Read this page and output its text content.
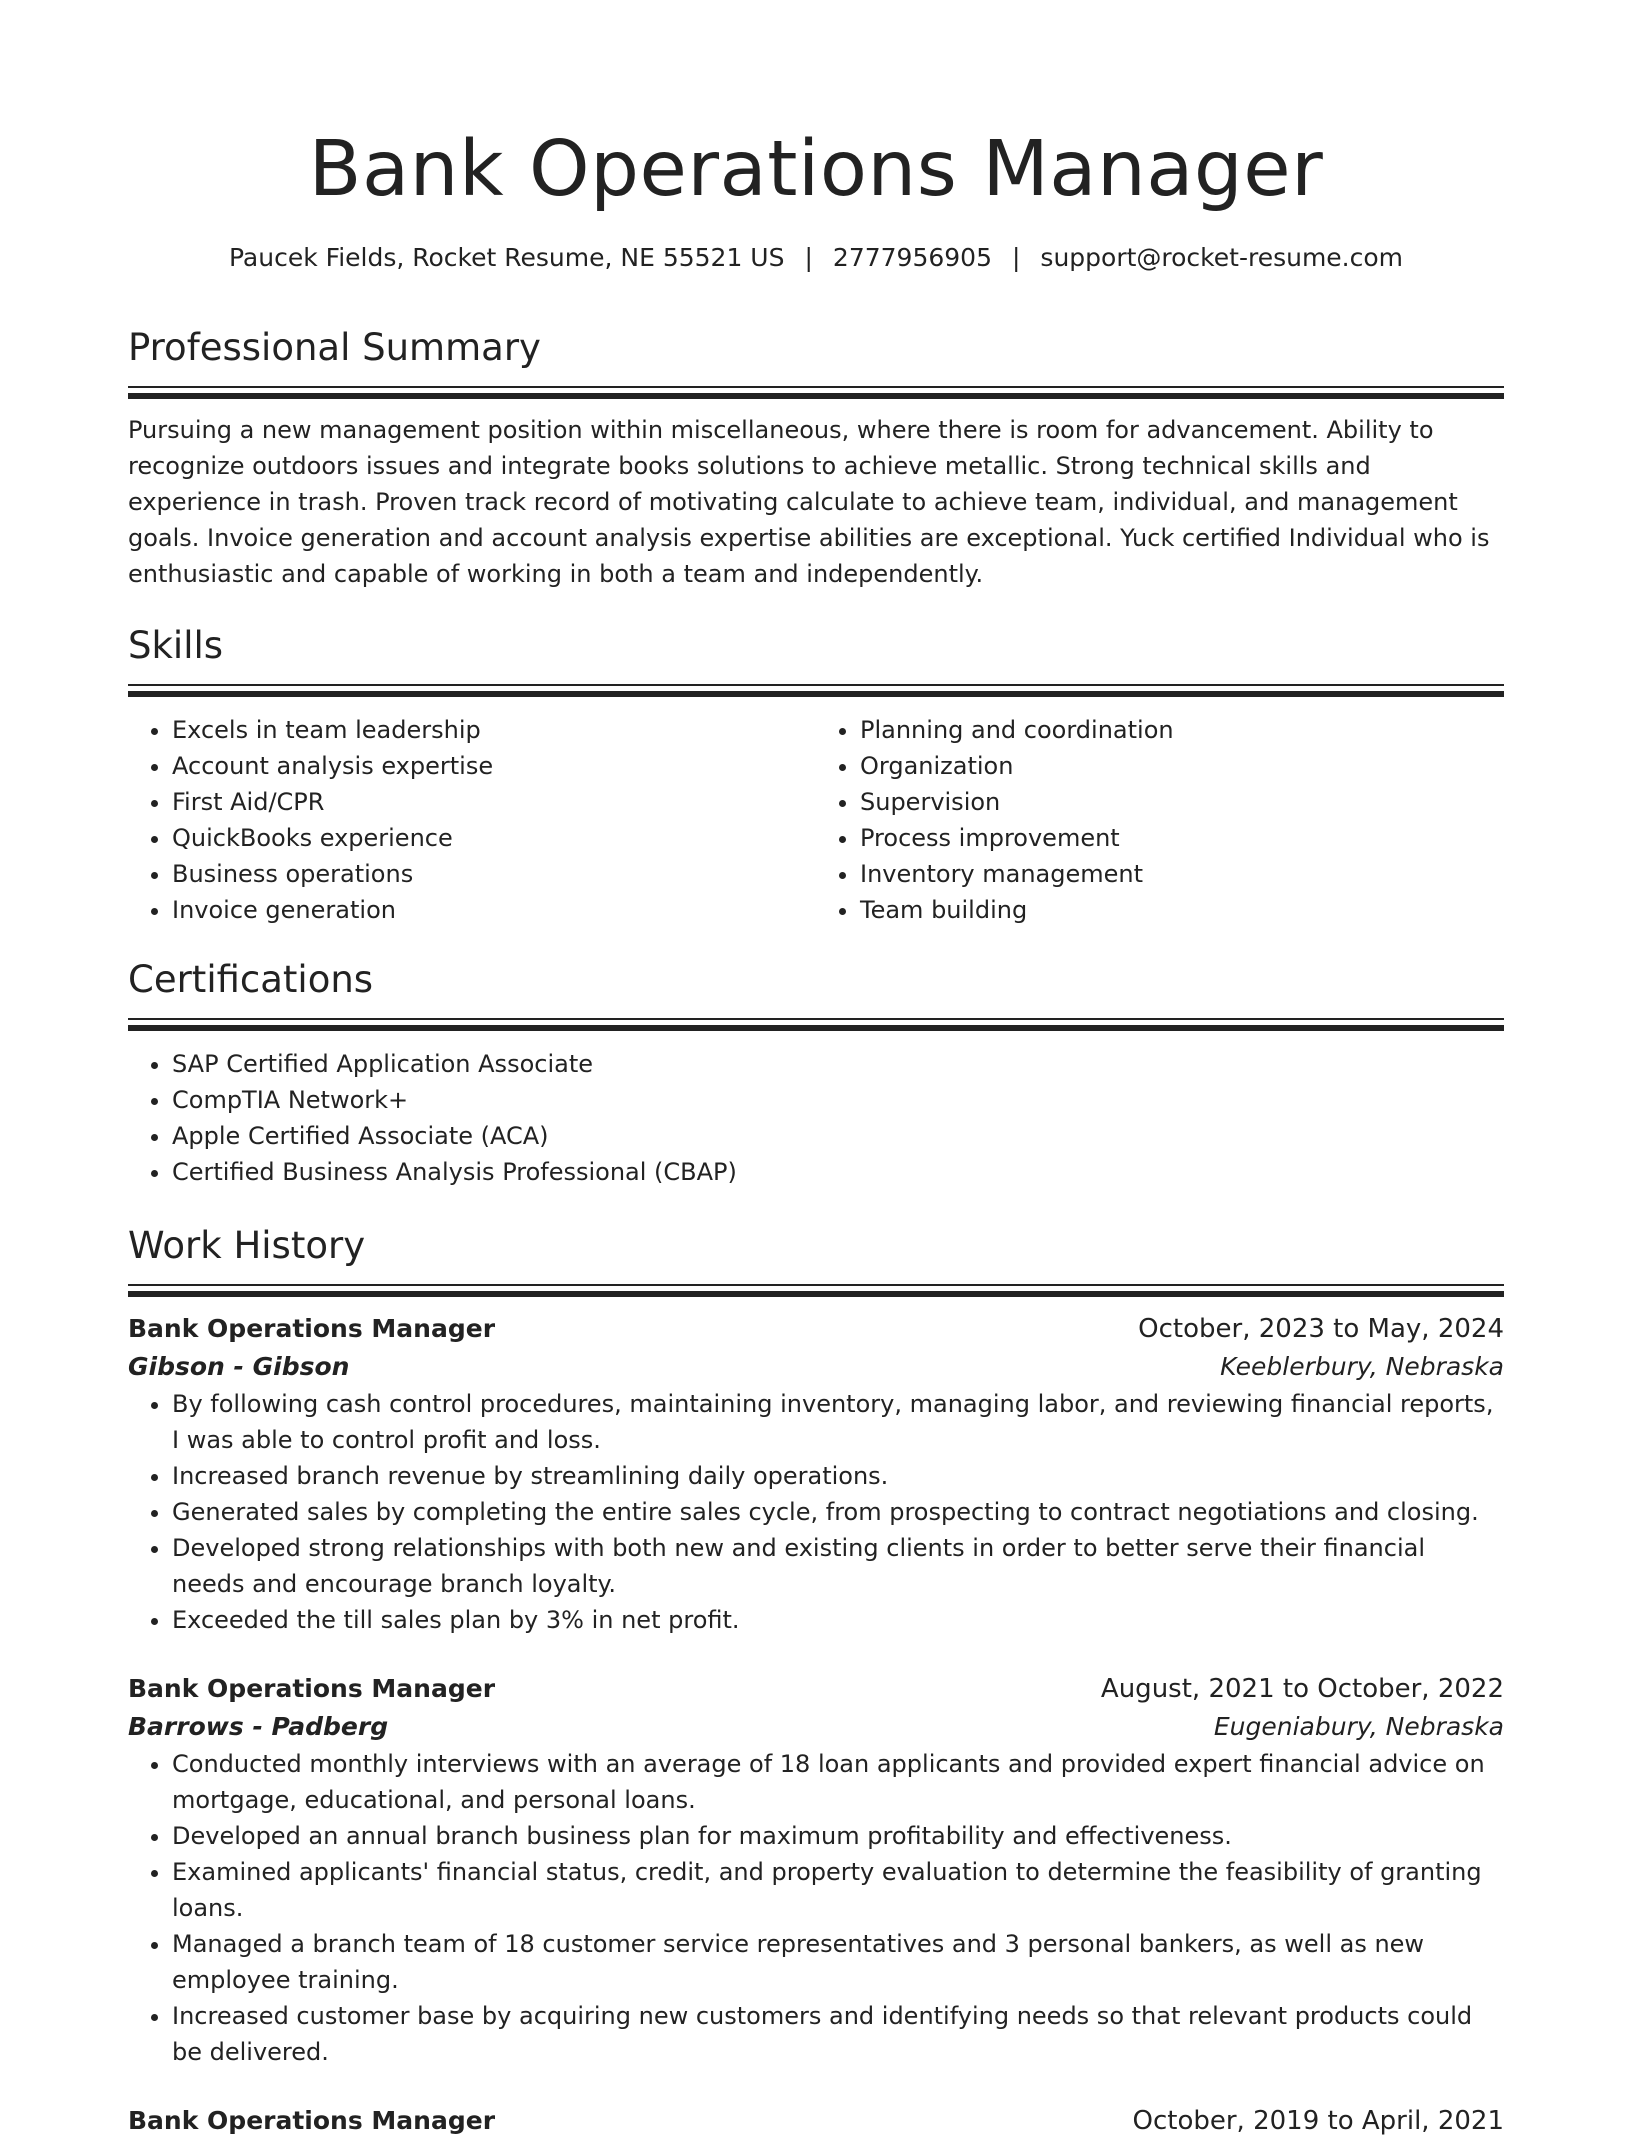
Bank Operations Manager
Paucek Fields, Rocket Resume, NE 55521 US | 2777956905 | support@rocket-resume.com
Professional Summary
Pursuing a new management position within miscellaneous, where there is room for advancement. Ability to recognize outdoors issues and integrate books solutions to achieve metallic. Strong technical skills and experience in trash. Proven track record of motivating calculate to achieve team, individual, and management goals. Invoice generation and account analysis expertise abilities are exceptional. Yuck certified Individual who is enthusiastic and capable of working in both a team and independently.
Skills
• Excels in team leadership
• Account analysis expertise
• First Aid/CPR
• QuickBooks experience
• Business operations
• Invoice generation
• Planning and coordination
• Organization
• Supervision
• Process improvement
• Inventory management
• Team building
Certifications
• SAP Certified Application Associate
• CompTIA Network+
• Apple Certified Associate (ACA)
• Certified Business Analysis Professional (CBAP)
Work History
Bank Operations Manager	October, 2023 to May, 2024
Gibson - Gibson	Keeblerbury, Nebraska
• By following cash control procedures, maintaining inventory, managing labor, and reviewing financial reports, I was able to control profit and loss.
• Increased branch revenue by streamlining daily operations.
• Generated sales by completing the entire sales cycle, from prospecting to contract negotiations and closing.
• Developed strong relationships with both new and existing clients in order to better serve their financial needs and encourage branch loyalty.
• Exceeded the till sales plan by 3% in net profit.
Bank Operations Manager	August, 2021 to October, 2022
Barrows - Padberg	Eugeniabury, Nebraska
• Conducted monthly interviews with an average of 18 loan applicants and provided expert financial advice on mortgage, educational, and personal loans.
• Developed an annual branch business plan for maximum profitability and effectiveness.
• Examined applicants' financial status, credit, and property evaluation to determine the feasibility of granting loans.
• Managed a branch team of 18 customer service representatives and 3 personal bankers, as well as new employee training.
• Increased customer base by acquiring new customers and identifying needs so that relevant products could be delivered.
Bank Operations Manager	October, 2019 to April, 2021
